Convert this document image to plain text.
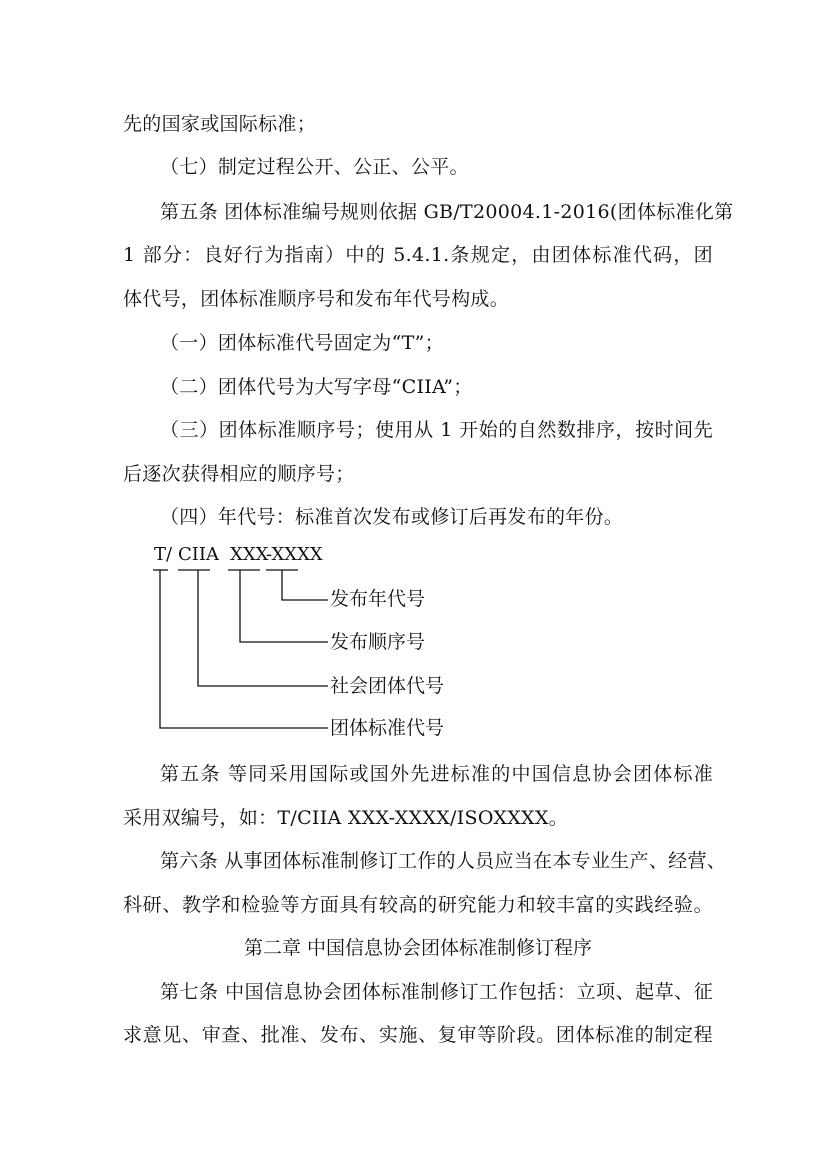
先的国家或国际标准；
（七）制定过程公开、公正、公平。
第五条 团体标准编号规则依据 GB/T20004.1-2016(团体标准化第
1 部分：良好行为指南）中的 5.4.1.条规定，由团体标准代码，团
体代号，团体标准顺序号和发布年代号构成。
（一）团体标准代号固定为“T”；
（二）团体代号为大写字母“CIIA”；
（三）团体标准顺序号；使用从 1 开始的自然数排序，按时间先
后逐次获得相应的顺序号；
（四）年代号：标准首次发布或修订后再发布的年份。
T/ CIIA XXX
-XXXX
发布年代号
发布顺序号
社会团体代号
团体标准代号
第五条 等同采用国际或国外先进标准的中国信息协会团体标准
采用双编号，如：T/CIIA XXX-XXXX/ISOXXXX。
第六条 从事团体标准制修订工作的人员应当在本专业生产、经营、
科研、教学和检验等方面具有较高的研究能力和较丰富的实践经验。
第二章 中国信息协会团体标准制修订程序
第七条 中国信息协会团体标准制修订工作包括：立项、起草、征
求意见、审查、批准、发布、实施、复审等阶段。团体标准的制定程
